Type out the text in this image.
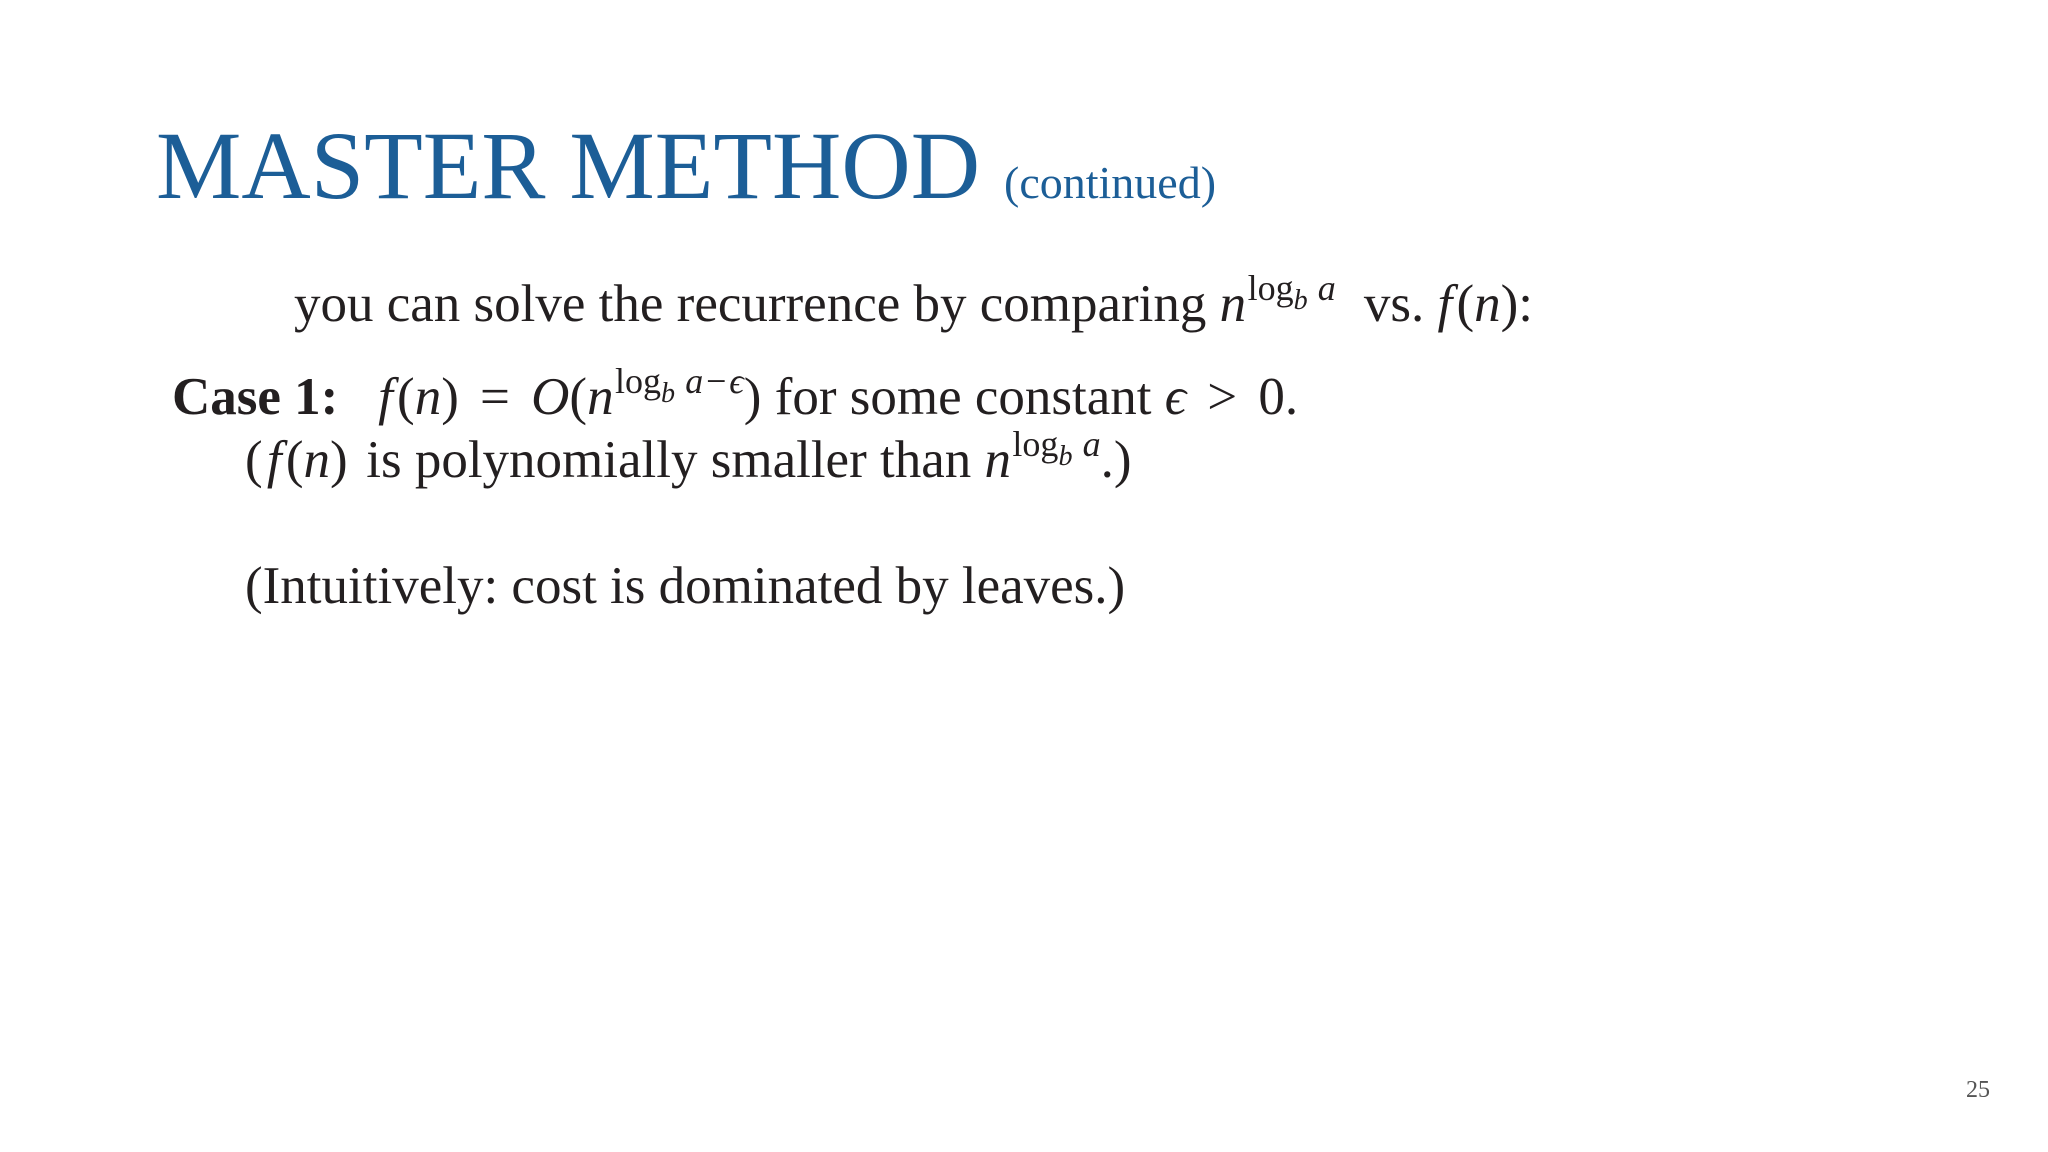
MASTER METHOD (continued)
you can solve the recurrence by comparing $n^{log_b a}$ vs. f(n):
Case 1: $f(n) = O(n^{log_b a-\epsilon})$ for some constant ϵ > 0.
(f(n) is polynomially smaller than $n^{log_b a}$.)
(Intuitively: cost is dominated by leaves.)
25
